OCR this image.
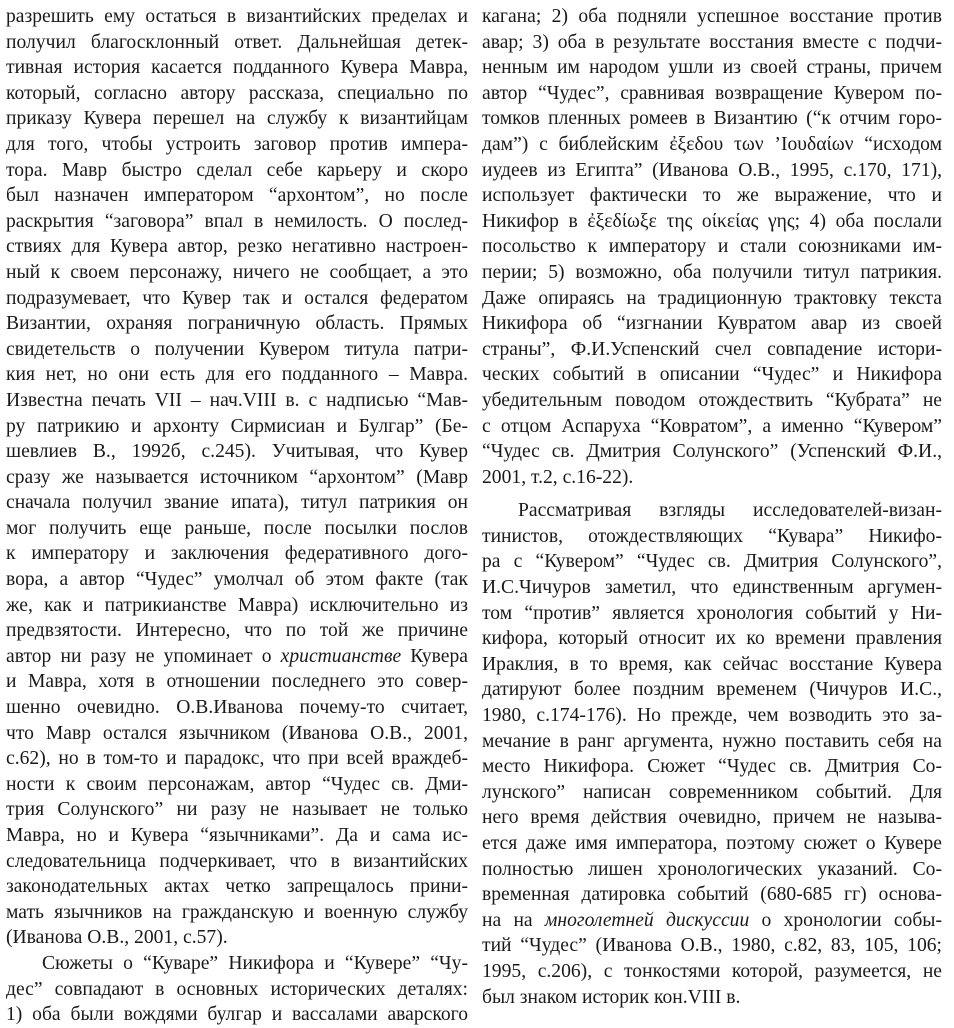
разрешить ему остаться в византийских пределах и
получил благосклонный ответ. Дальнейшая детек-
тивная история касается подданного Кувера Мавра,
который, согласно автору рассказа, специально по
приказу Кувера перешел на службу к византийцам
для того, чтобы устроить заговор против импера-
тора. Мавр быстро сделал себе карьеру и скоро
был назначен императором “архонтом”, но после
раскрытия “заговора” впал в немилость. О послед-
ствиях для Кувера автор, резко негативно настроен-
ный к своем персонажу, ничего не сообщает, а это
подразумевает, что Кувер так и остался федератом
Византии, охраняя пограничную область. Прямых
свидетельств о получении Кувером титула патри-
кия нет, но они есть для его подданного – Мавра.
Известна печать VII – нач.VIII в. с надписью “Мав-
ру патрикию и архонту Сирмисиан и Булгар” (Бе-
шевлиев В., 1992б, с.245). Учитывая, что Кувер
сразу же называется источником “архонтом” (Мавр
сначала получил звание ипата), титул патрикия он
мог получить еще раньше, после посылки послов
к императору и заключения федеративного дого-
вора, а автор “Чудес” умолчал об этом факте (так
же, как и патрикианстве Мавра) исключительно из
предвзятости. Интересно, что по той же причине
автор ни разу не упоминает о христианстве Кувера
и Мавра, хотя в отношении последнего это совер-
шенно очевидно. О.В.Иванова почему-то считает,
что Мавр остался язычником (Иванова О.В., 2001,
с.62), но в том-то и парадокс, что при всей враждеб-
ности к своим персонажам, автор “Чудес св. Дми-
трия Солунского” ни разу не называет не только
Мавра, но и Кувера “язычниками”. Да и сама ис-
следовательница подчеркивает, что в византийских
законодательных актах четко запрещалось прини-
мать язычников на гражданскую и военную службу
(Иванова О.В., 2001, с.57).
Сюжеты о “Куваре” Никифора и “Кувере” “Чу-
дес” совпадают в основных исторических деталях:
1) оба были вождями булгар и вассалами аварского
кагана; 2) оба подняли успешное восстание против
авар; 3) оба в результате восстания вместе с подчи-
ненным им народом ушли из своей страны, причем
автор “Чудес”, сравнивая возвращение Кувером по-
томков пленных ромеев в Византию (“к отчим горо-
дам”) с библейским ἐξεδου των ’Ιουδαίων “исходом
иудеев из Египта” (Иванова О.В., 1995, с.170, 171),
использует фактически то же выражение, что и
Никифор в ἐξεδίωξε της οίκείας γης; 4) оба послали
посольство к императору и стали союзниками им-
перии; 5) возможно, оба получили титул патрикия.
Даже опираясь на традиционную трактовку текста
Никифора об “изгнании Кувратом авар из своей
страны”, Ф.И.Успенский счел совпадение истори-
ческих событий в описании “Чудес” и Никифора
убедительным поводом отождествить “Кубрата” не
с отцом Аспаруха “Ковратом”, а именно “Кувером”
“Чудес св. Дмитрия Солунского” (Успенский Ф.И.,
2001, т.2, с.16-22).
Рассматривая взгляды исследователей-визан-
тинистов, отождествляющих “Кувара” Никифо-
ра с “Кувером” “Чудес св. Дмитрия Солунского”,
И.С.Чичуров заметил, что единственным аргумен-
том “против” является хронология событий у Ни-
кифора, который относит их ко времени правления
Ираклия, в то время, как сейчас восстание Кувера
датируют более поздним временем (Чичуров И.С.,
1980, с.174-176). Но прежде, чем возводить это за-
мечание в ранг аргумента, нужно поставить себя на
место Никифора. Сюжет “Чудес св. Дмитрия Со-
лунского” написан современником событий. Для
него время действия очевидно, причем не называ-
ется даже имя императора, поэтому сюжет о Кувере
полностью лишен хронологических указаний. Со-
временная датировка событий (680-685 гг) основа-
на на многолетней дискуссии о хронологии собы-
тий “Чудес” (Иванова О.В., 1980, с.82, 83, 105, 106;
1995, с.206), с тонкостями которой, разумеется, не
был знаком историк кон.VIII в.
